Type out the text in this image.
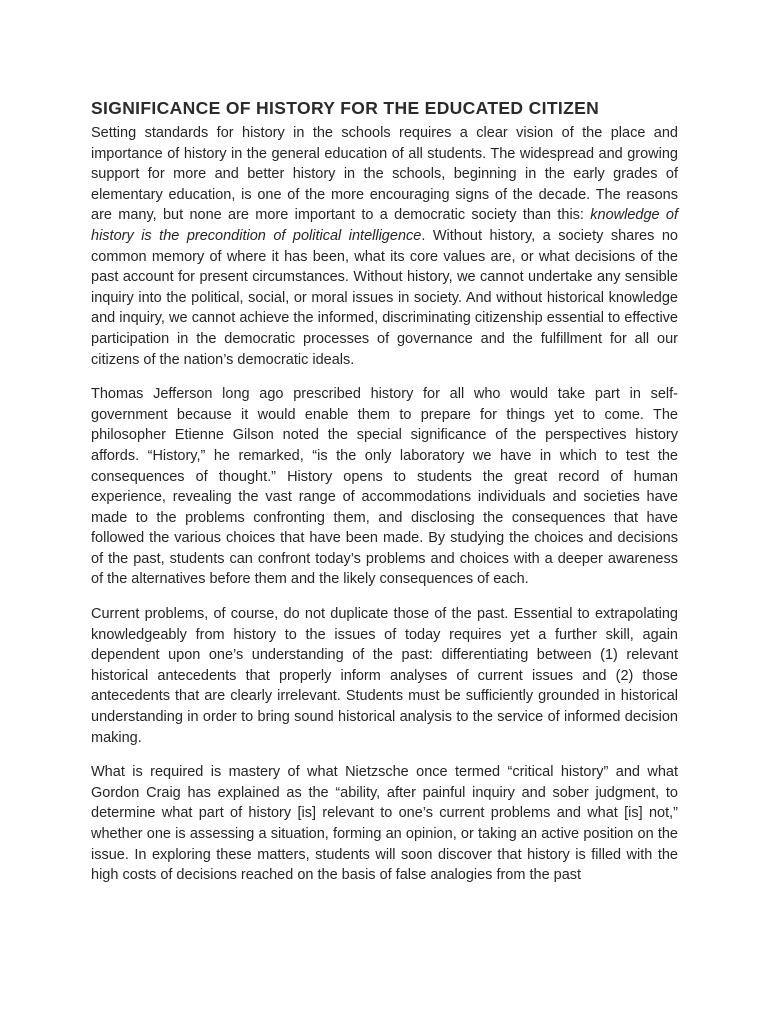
SIGNIFICANCE OF HISTORY FOR THE EDUCATED CITIZEN

Setting standards for history in the schools requires a clear vision of the place and importance of history in the general education of all students. The widespread and growing support for more and better history in the schools, beginning in the early grades of elementary education, is one of the more encouraging signs of the decade. The reasons are many, but none are more important to a democratic society than this: knowledge of history is the precondition of political intelligence. Without history, a society shares no common memory of where it has been, what its core values are, or what decisions of the past account for present circumstances. Without history, we cannot undertake any sensible inquiry into the political, social, or moral issues in society. And without historical knowledge and inquiry, we cannot achieve the informed, discriminating citizenship essential to effective participation in the democratic processes of governance and the fulfillment for all our citizens of the nation’s democratic ideals.

Thomas Jefferson long ago prescribed history for all who would take part in self-government because it would enable them to prepare for things yet to come. The philosopher Etienne Gilson noted the special significance of the perspectives history affords. “History,” he remarked, “is the only laboratory we have in which to test the consequences of thought.” History opens to students the great record of human experience, revealing the vast range of accommodations individuals and societies have made to the problems confronting them, and disclosing the consequences that have followed the various choices that have been made. By studying the choices and decisions of the past, students can confront today’s problems and choices with a deeper awareness of the alternatives before them and the likely consequences of each.

Current problems, of course, do not duplicate those of the past. Essential to extrapolating knowledgeably from history to the issues of today requires yet a further skill, again dependent upon one’s understanding of the past: differentiating between (1) relevant historical antecedents that properly inform analyses of current issues and (2) those antecedents that are clearly irrelevant. Students must be sufficiently grounded in historical understanding in order to bring sound historical analysis to the service of informed decision making.

What is required is mastery of what Nietzsche once termed “critical history” and what Gordon Craig has explained as the “ability, after painful inquiry and sober judgment, to determine what part of history [is] relevant to one’s current problems and what [is] not,” whether one is assessing a situation, forming an opinion, or taking an active position on the issue. In exploring these matters, students will soon discover that history is filled with the high costs of decisions reached on the basis of false analogies from the past
